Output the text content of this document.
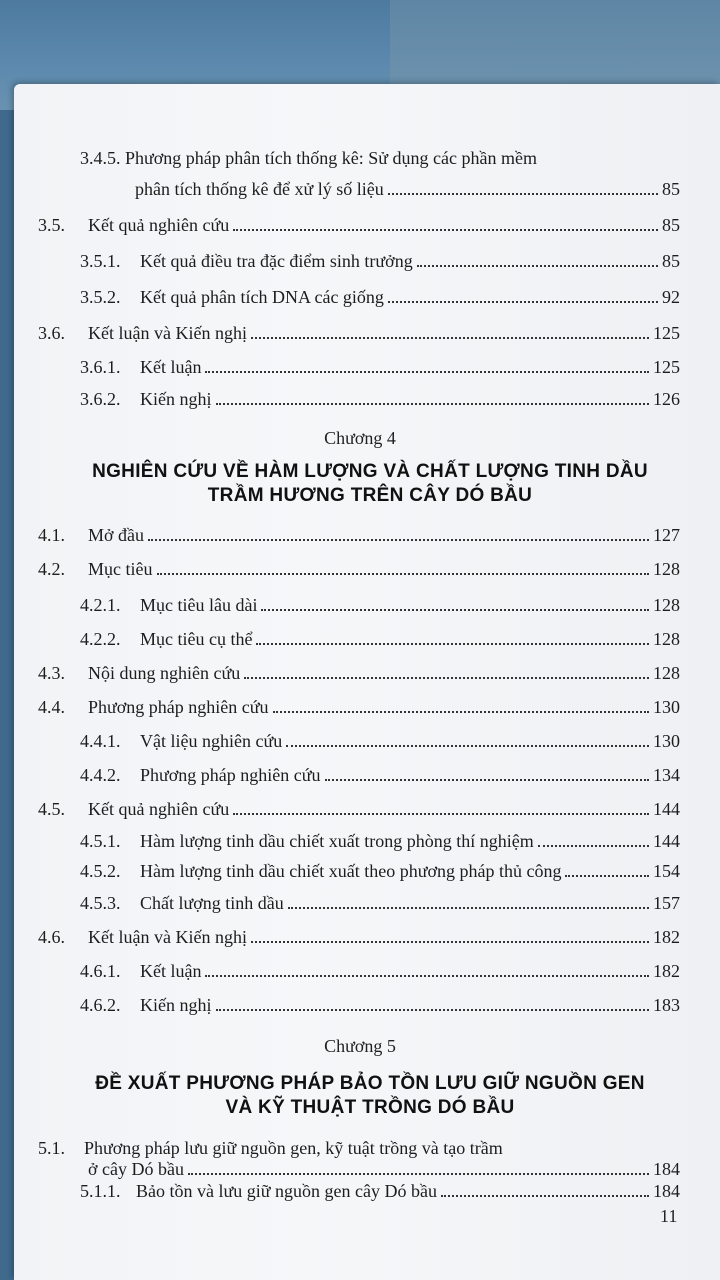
3.4.5. Phương pháp phân tích thống kê: Sử dụng các phần mềm
phân tích thống kê để xử lý số liệu	85
3.5.	Kết quả nghiên cứu	85
3.5.1.	Kết quả điều tra đặc điểm sinh trưởng	85
3.5.2.	Kết quả phân tích DNA các giống	92
3.6.	Kết luận và Kiến nghị	125
3.6.1.	Kết luận	125
3.6.2.	Kiến nghị	126
Chương 4
NGHIÊN CỨU VỀ HÀM LƯỢNG VÀ CHẤT LƯỢNG TINH DẦU
TRẦM HƯƠNG TRÊN CÂY DÓ BẦU
4.1.	Mở đầu	127
4.2.	Mục tiêu	128
4.2.1.	Mục tiêu lâu dài	128
4.2.2.	Mục tiêu cụ thể	128
4.3.	Nội dung nghiên cứu	128
4.4.	Phương pháp nghiên cứu	130
4.4.1.	Vật liệu nghiên cứu	130
4.4.2.	Phương pháp nghiên cứu	134
4.5.	Kết quả nghiên cứu	144
4.5.1.	Hàm lượng tinh dầu chiết xuất trong phòng thí nghiệm	144
4.5.2.	Hàm lượng tinh dầu chiết xuất theo phương pháp thủ công	154
4.5.3.	Chất lượng tinh dầu	157
4.6.	Kết luận và Kiến nghị	182
4.6.1.	Kết luận	182
4.6.2.	Kiến nghị	183
Chương 5
ĐỀ XUẤT PHƯƠNG PHÁP BẢO TỒN LƯU GIỮ NGUỒN GEN
VÀ KỸ THUẬT TRỒNG DÓ BẦU
5.1. Phương pháp lưu giữ nguồn gen, kỹ tuật trồng và tạo trầm
ở cây Dó bầu	184
5.1.1. Bảo tồn và lưu giữ nguồn gen cây Dó bầu	184
11
